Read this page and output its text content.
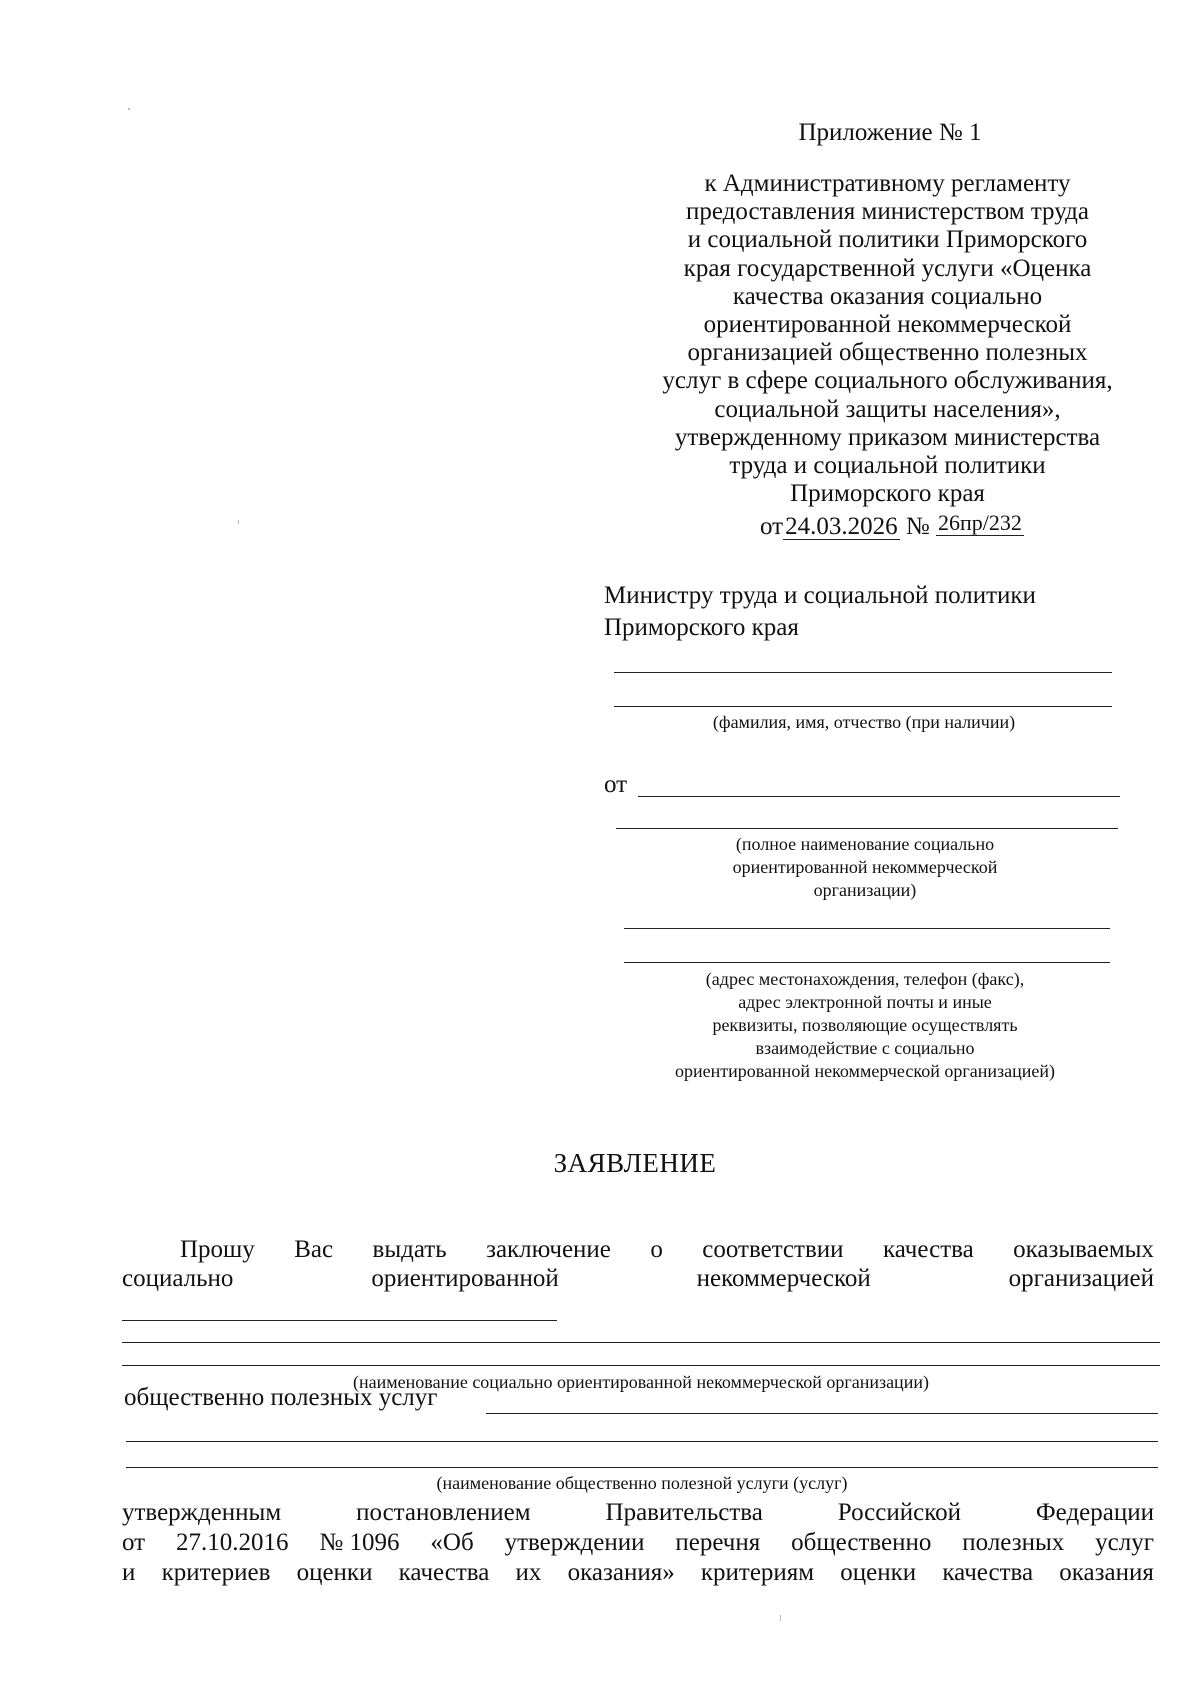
Приложение № 1
к Административному регламенту
предоставления министерством труда
и социальной политики Приморского
края государственной услуги «Оценка
качества оказания социально
ориентированной некоммерческой
организацией общественно полезных
услуг в сфере социального обслуживания,
социальной защиты населения»,
утвержденному приказом министерства
труда и социальной политики
Приморского края
от24.03.2026 № 26пр/232
Министру труда и социальной политики
Приморского края
(фамилия, имя, отчество (при наличии)
от
(полное наименование социально
ориентированной некоммерческой
организации)
(адрес местонахождения, телефон (факс),
адрес электронной почты и иные
реквизиты, позволяющие осуществлять
взаимодействие с социально
ориентированной некоммерческой организацией)
ЗАЯВЛЕНИЕ
Прошу Вас выдать заключение о соответствии качества оказываемых
социально	ориентированной	некоммерческой	организацией
(наименование социально ориентированной некоммерческой организации)
общественно полезных услуг
(наименование общественно полезной услуги (услуг)
утвержденным	постановлением	Правительства	Российской	Федерации
от 27.10.2016 № 1096 «Об утверждении перечня общественно полезных услуг
и критериев оценки качества их оказания» критериям оценки качества оказания
